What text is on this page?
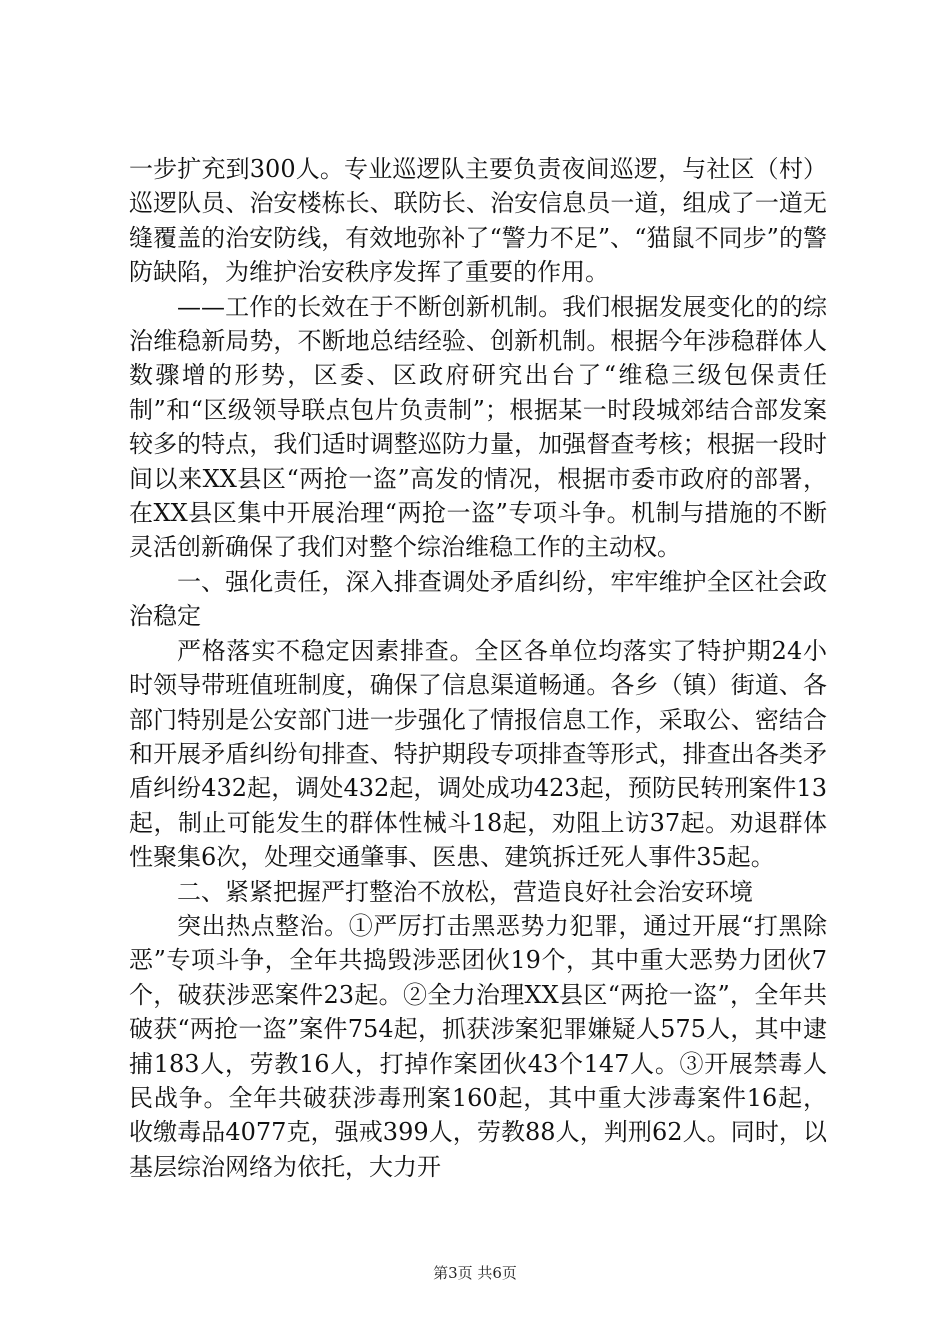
一步扩充到300人。专业巡逻队主要负责夜间巡逻，与社区（村）巡逻队员、治安楼栋长、联防长、治安信息员一道，组成了一道无缝覆盖的治安防线，有效地弥补了“警力不足”、“猫鼠不同步”的警防缺陷，为维护治安秩序发挥了重要的作用。

——工作的长效在于不断创新机制。我们根据发展变化的的综治维稳新局势，不断地总结经验、创新机制。根据今年涉稳群体人数骤增的形势，区委、区政府研究出台了“维稳三级包保责任制”和“区级领导联点包片负责制”；根据某一时段城郊结合部发案较多的特点，我们适时调整巡防力量，加强督查考核；根据一段时间以来XX县区“两抢一盗”高发的情况，根据市委市政府的部署，在XX县区集中开展治理“两抢一盗”专项斗争。机制与措施的不断灵活创新确保了我们对整个综治维稳工作的主动权。

一、强化责任，深入排查调处矛盾纠纷，牢牢维护全区社会政治稳定

严格落实不稳定因素排查。全区各单位均落实了特护期24小时领导带班值班制度，确保了信息渠道畅通。各乡（镇）街道、各部门特别是公安部门进一步强化了情报信息工作，采取公、密结合和开展矛盾纠纷旬排查、特护期段专项排查等形式，排查出各类矛盾纠纷432起，调处432起，调处成功423起，预防民转刑案件13起，制止可能发生的群体性械斗18起，劝阻上访37起。劝退群体性聚集6次，处理交通肇事、医患、建筑拆迁死人事件35起。

二、紧紧把握严打整治不放松，营造良好社会治安环境

突出热点整治。①严厉打击黑恶势力犯罪，通过开展“打黑除恶”专项斗争，全年共捣毁涉恶团伙19个，其中重大恶势力团伙7个，破获涉恶案件23起。②全力治理XX县区“两抢一盗”，全年共破获“两抢一盗”案件754起，抓获涉案犯罪嫌疑人575人，其中逮捕183人，劳教16人，打掉作案团伙43个147人。③开展禁毒人民战争。全年共破获涉毒刑案160起，其中重大涉毒案件16起，收缴毒品4077克，强戒399人，劳教88人，判刑62人。同时，以基层综治网络为依托，大力开

第3页 共6页
